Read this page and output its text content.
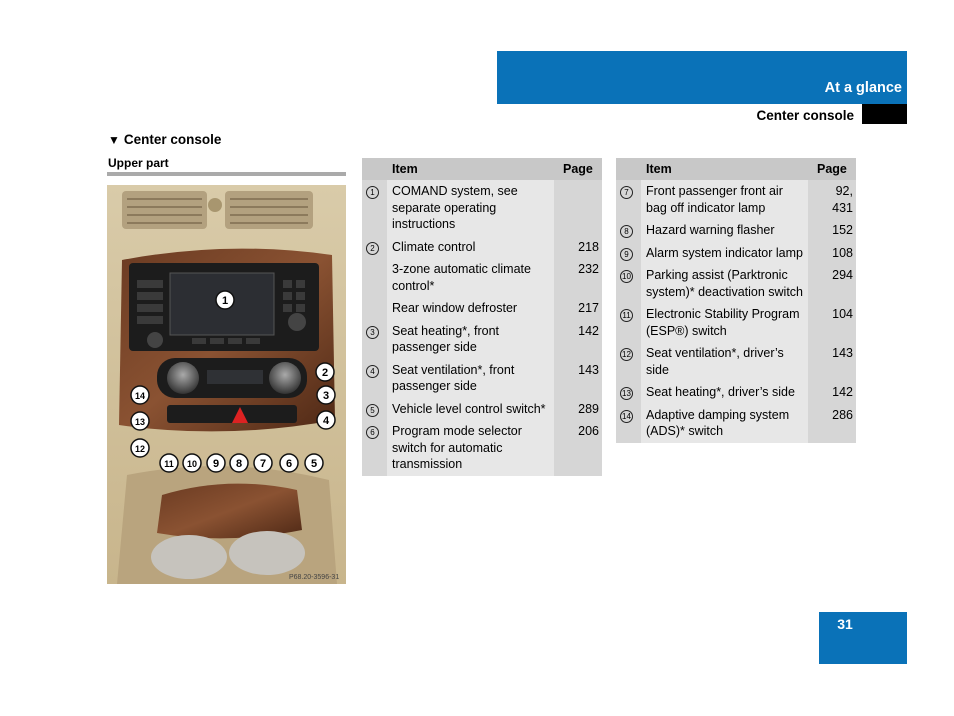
At a glance
Center console
▼ Center console
Upper part
P68.20-3596-31
1
2
3
4
5
6
7
8
9
10
11
12
13
14
	Item	Page
1	COMAND system, see separate operating instructions	
2	Climate control	218
	3-zone automatic climate control*	232
	Rear window defroster	217
3	Seat heating*, front passenger side	142
4	Seat ventilation*, front passenger side	143
5	Vehicle level control switch*	289
6	Program mode selector switch for automatic transmission	206
	Item	Page
7	Front passenger front air bag off indicator lamp	92, 431
8	Hazard warning flasher	152
9	Alarm system indicator lamp	108
10	Parking assist (Parktronic system)* deactivation switch	294
11	Electronic Stability Program (ESP®) switch	104
12	Seat ventilation*, driver’s side	143
13	Seat heating*, driver’s side	142
14	Adaptive damping system (ADS)* switch	286
31
